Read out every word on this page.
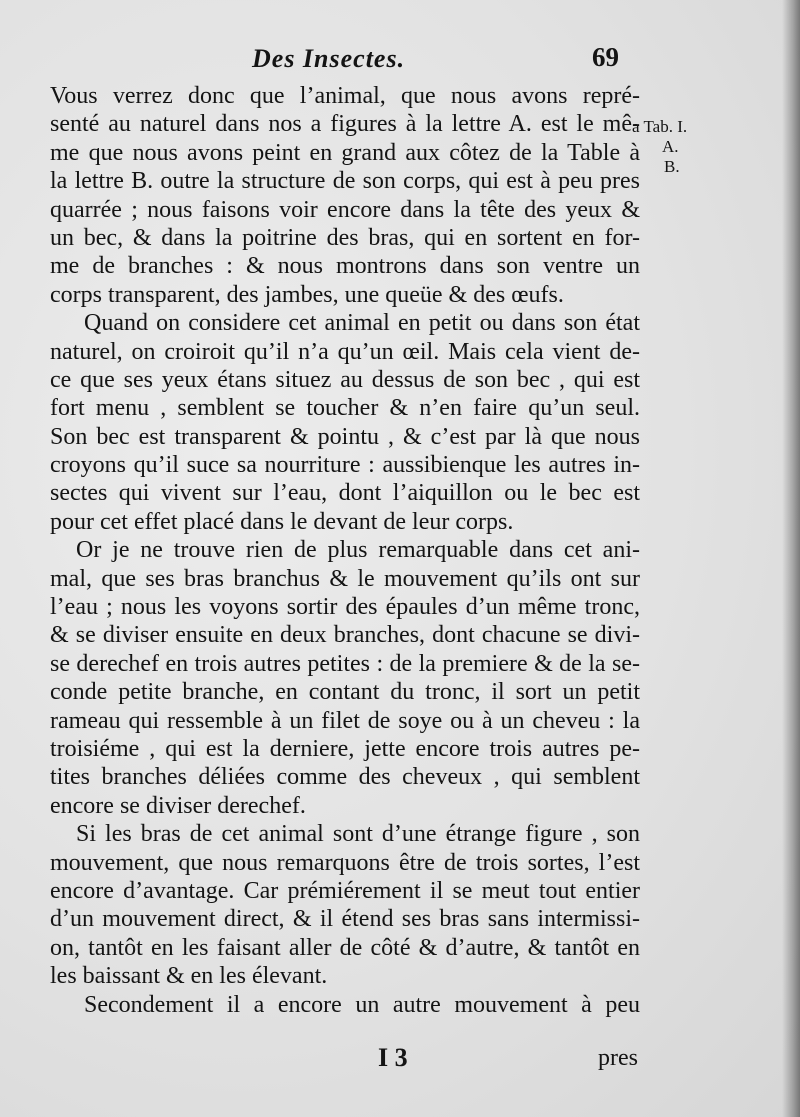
Des Insectes.	69
Vous verrez donc que l’animal, que nous avons repré-
senté au naturel dans nos a figures à la lettre A. est le mê-
me que nous avons peint en grand aux côtez de la Table à
la lettre B. outre la structure de son corps, qui est à peu pres
quarrée ; nous faisons voir encore dans la tête des yeux &
un bec, & dans la poitrine des bras, qui en sortent en for-
me de branches : & nous montrons dans son ventre un
corps transparent, des jambes, une queüe & des œufs.
Quand on considere cet animal en petit ou dans son état
naturel, on croiroit qu’il n’a qu’un œil. Mais cela vient de-
ce que ses yeux étans situez au dessus de son bec , qui est
fort menu , semblent se toucher & n’en faire qu’un seul.
Son bec est transparent & pointu , & c’est par là que nous
croyons qu’il suce sa nourriture : aussibienque les autres in-
sectes qui vivent sur l’eau, dont l’aiquillon ou le bec est
pour cet effet placé dans le devant de leur corps.
Or je ne trouve rien de plus remarquable dans cet ani-
mal, que ses bras branchus & le mouvement qu’ils ont sur
l’eau ; nous les voyons sortir des épaules d’un même tronc,
& se diviser ensuite en deux branches, dont chacune se divi-
se derechef en trois autres petites : de la premiere & de la se-
conde petite branche, en contant du tronc, il sort un petit
rameau qui ressemble à un filet de soye ou à un cheveu : la
troisiéme , qui est la derniere, jette encore trois autres pe-
tites branches déliées comme des cheveux , qui semblent
encore se diviser derechef.
Si les bras de cet animal sont d’une étrange figure , son
mouvement, que nous remarquons être de trois sortes, l’est
encore d’avantage. Car prémiérement il se meut tout entier
d’un mouvement direct, & il étend ses bras sans intermissi-
on, tantôt en les faisant aller de côté & d’autre, & tantôt en
les baissant & en les élevant.
Secondement il a encore un autre mouvement à peu
a Tab. I.
A.
B.
I 3	pres
